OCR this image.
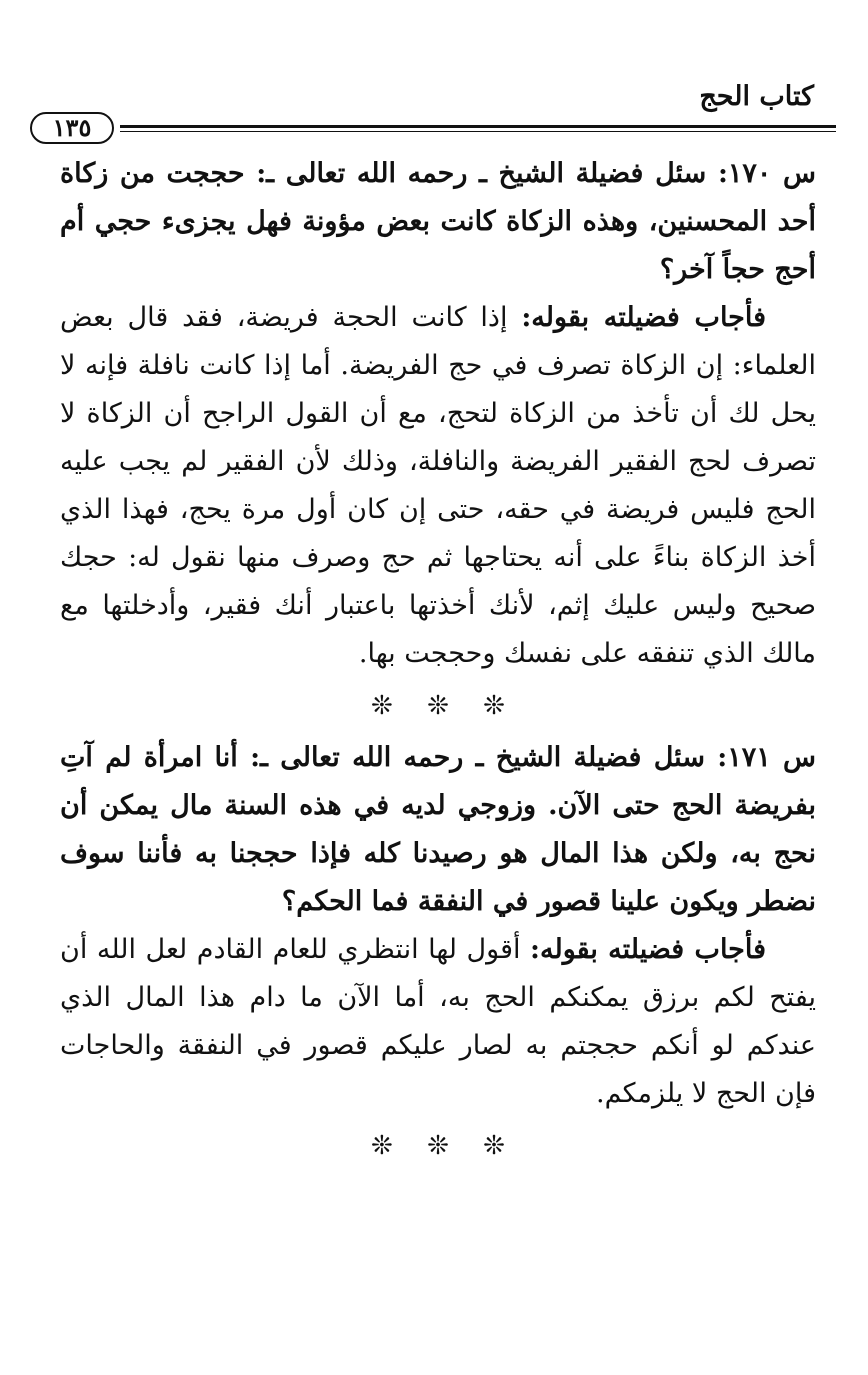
كتاب الحج
١٣٥

س ١٧٠: سئل فضيلة الشيخ ـ رحمه الله تعالى ـ: حججت من زكاة أحد المحسنين، وهذه الزكاة كانت بعض مؤونة فهل يجزىء حجي أم أحج حجاً آخر؟

فأجاب فضيلته بقوله: إذا كانت الحجة فريضة، فقد قال بعض العلماء: إن الزكاة تصرف في حج الفريضة. أما إذا كانت نافلة فإنه لا يحل لك أن تأخذ من الزكاة لتحج، مع أن القول الراجح أن الزكاة لا تصرف لحج الفقير الفريضة والنافلة، وذلك لأن الفقير لم يجب عليه الحج فليس فريضة في حقه، حتى إن كان أول مرة يحج، فهذا الذي أخذ الزكاة بناءً على أنه يحتاجها ثم حج وصرف منها نقول له: حجك صحيح وليس عليك إثم، لأنك أخذتها باعتبار أنك فقير، وأدخلتها مع مالك الذي تنفقه على نفسك وحججت بها.

❊ ❊ ❊

س ١٧١: سئل فضيلة الشيخ ـ رحمه الله تعالى ـ: أنا امرأة لم آتِ بفريضة الحج حتى الآن. وزوجي لديه في هذه السنة مال يمكن أن نحج به، ولكن هذا المال هو رصيدنا كله فإذا حججنا به فأننا سوف نضطر ويكون علينا قصور في النفقة فما الحكم؟

فأجاب فضيلته بقوله: أقول لها انتظري للعام القادم لعل الله أن يفتح لكم برزق يمكنكم الحج به، أما الآن ما دام هذا المال الذي عندكم لو أنكم حججتم به لصار عليكم قصور في النفقة والحاجات فإن الحج لا يلزمكم.

❊ ❊ ❊
